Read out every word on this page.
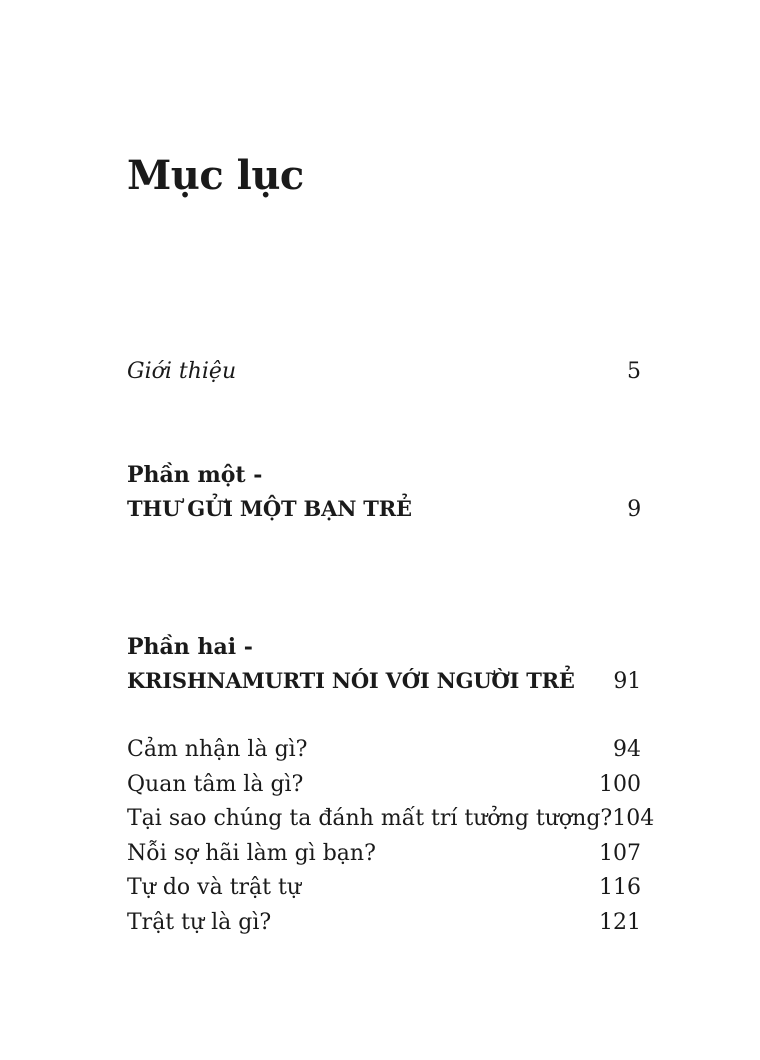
Mục lục
Giới thiệu	5
Phần một -
THƯ GỬI MỘT BẠN TRẺ	9
Phần hai -
KRISHNAMURTI NÓI VỚI NGƯỜI TRẺ 91
Cảm nhận là gì?	94
Quan tâm là gì?	100
Tại sao chúng ta đánh mất trí tưởng tượng? 104
Nỗi sợ hãi làm gì bạn?	107
Tự do và trật tự	116
Trật tự là gì?	121
